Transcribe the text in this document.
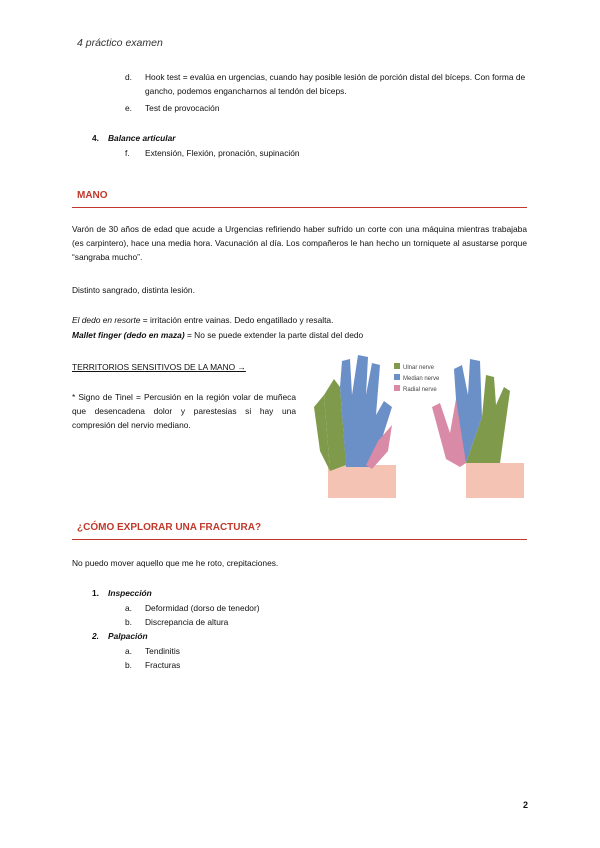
4 práctico examen
d. Hook test = evalúa en urgencias, cuando hay posible lesión de porción distal del bíceps. Con forma de gancho, podemos engancharnos al tendón del bíceps.
e. Test de provocación
4. Balance articular
f. Extensión, Flexión, pronación, supinación
MANO
Varón de 30 años de edad que acude a Urgencias refiriendo haber sufrido un corte con una máquina mientras trabajaba (es carpintero), hace una media hora. Vacunación al día. Los compañeros le han hecho un torniquete al asustarse porque “sangraba mucho”.
Distinto sangrado, distinta lesión.
El dedo en resorte = irritación entre vainas. Dedo engatillado y resalta.
Mallet finger (dedo en maza) = No se puede extender la parte distal del dedo
TERRITORIOS SENSITIVOS DE LA MANO →
* Signo de Tinel = Percusión en la región volar de muñeca que desencadena dolor y parestesias si hay una compresión del nervio mediano.
Ulnar nerve
Median nerve
Radial nerve
¿CÓMO EXPLORAR UNA FRACTURA?
No puedo mover aquello que me he roto, crepitaciones.
1. Inspección
a. Deformidad (dorso de tenedor)
b. Discrepancia de altura
2. Palpación
a. Tendinitis
b. Fracturas
2
